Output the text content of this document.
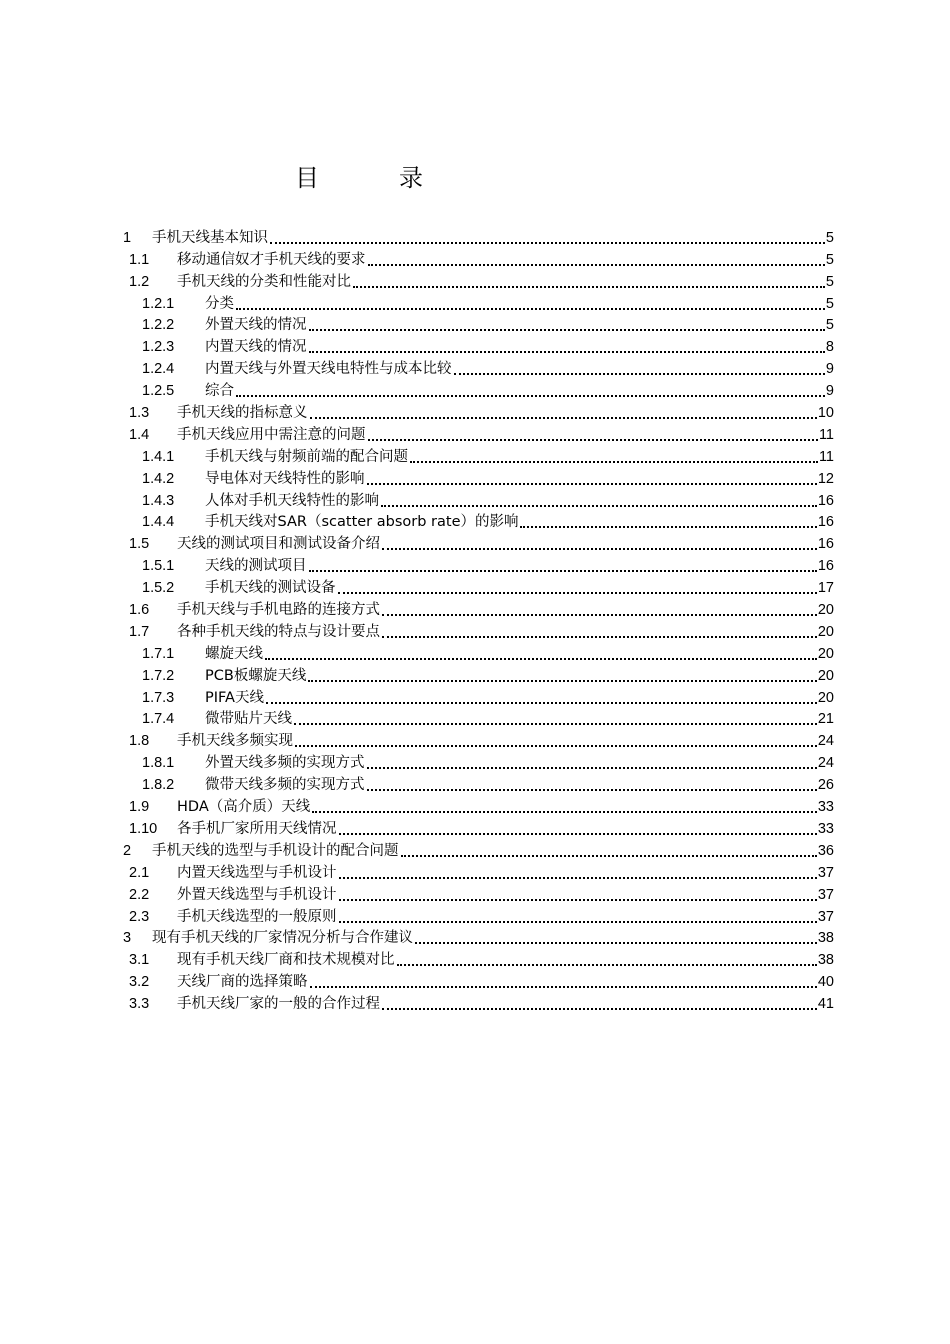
目　录
1	手机天线基本知识	5
1.1	移动通信奴才手机天线的要求	5
1.2	手机天线的分类和性能对比	5
1.2.1	分类	5
1.2.2	外置天线的情况	5
1.2.3	内置天线的情况	8
1.2.4	内置天线与外置天线电特性与成本比较	9
1.2.5	综合	9
1.3	手机天线的指标意义	10
1.4	手机天线应用中需注意的问题	11
1.4.1	手机天线与射频前端的配合问题	11
1.4.2	导电体对天线特性的影响	12
1.4.3	人体对手机天线特性的影响	16
1.4.4	手机天线对SAR（scatter absorb rate）的影响	16
1.5	天线的测试项目和测试设备介绍	16
1.5.1	天线的测试项目	16
1.5.2	手机天线的测试设备	17
1.6	手机天线与手机电路的连接方式	20
1.7	各种手机天线的特点与设计要点	20
1.7.1	螺旋天线	20
1.7.2	PCB板螺旋天线	20
1.7.3	PIFA天线	20
1.7.4	微带贴片天线	21
1.8	手机天线多频实现	24
1.8.1	外置天线多频的实现方式	24
1.8.2	微带天线多频的实现方式	26
1.9	HDA（高介质）天线	33
1.10	各手机厂家所用天线情况	33
2	手机天线的选型与手机设计的配合问题	36
2.1	内置天线选型与手机设计	37
2.2	外置天线选型与手机设计	37
2.3	手机天线选型的一般原则	37
3	现有手机天线的厂家情况分析与合作建议	38
3.1	现有手机天线厂商和技术规模对比	38
3.2	天线厂商的选择策略	40
3.3	手机天线厂家的一般的合作过程	41
